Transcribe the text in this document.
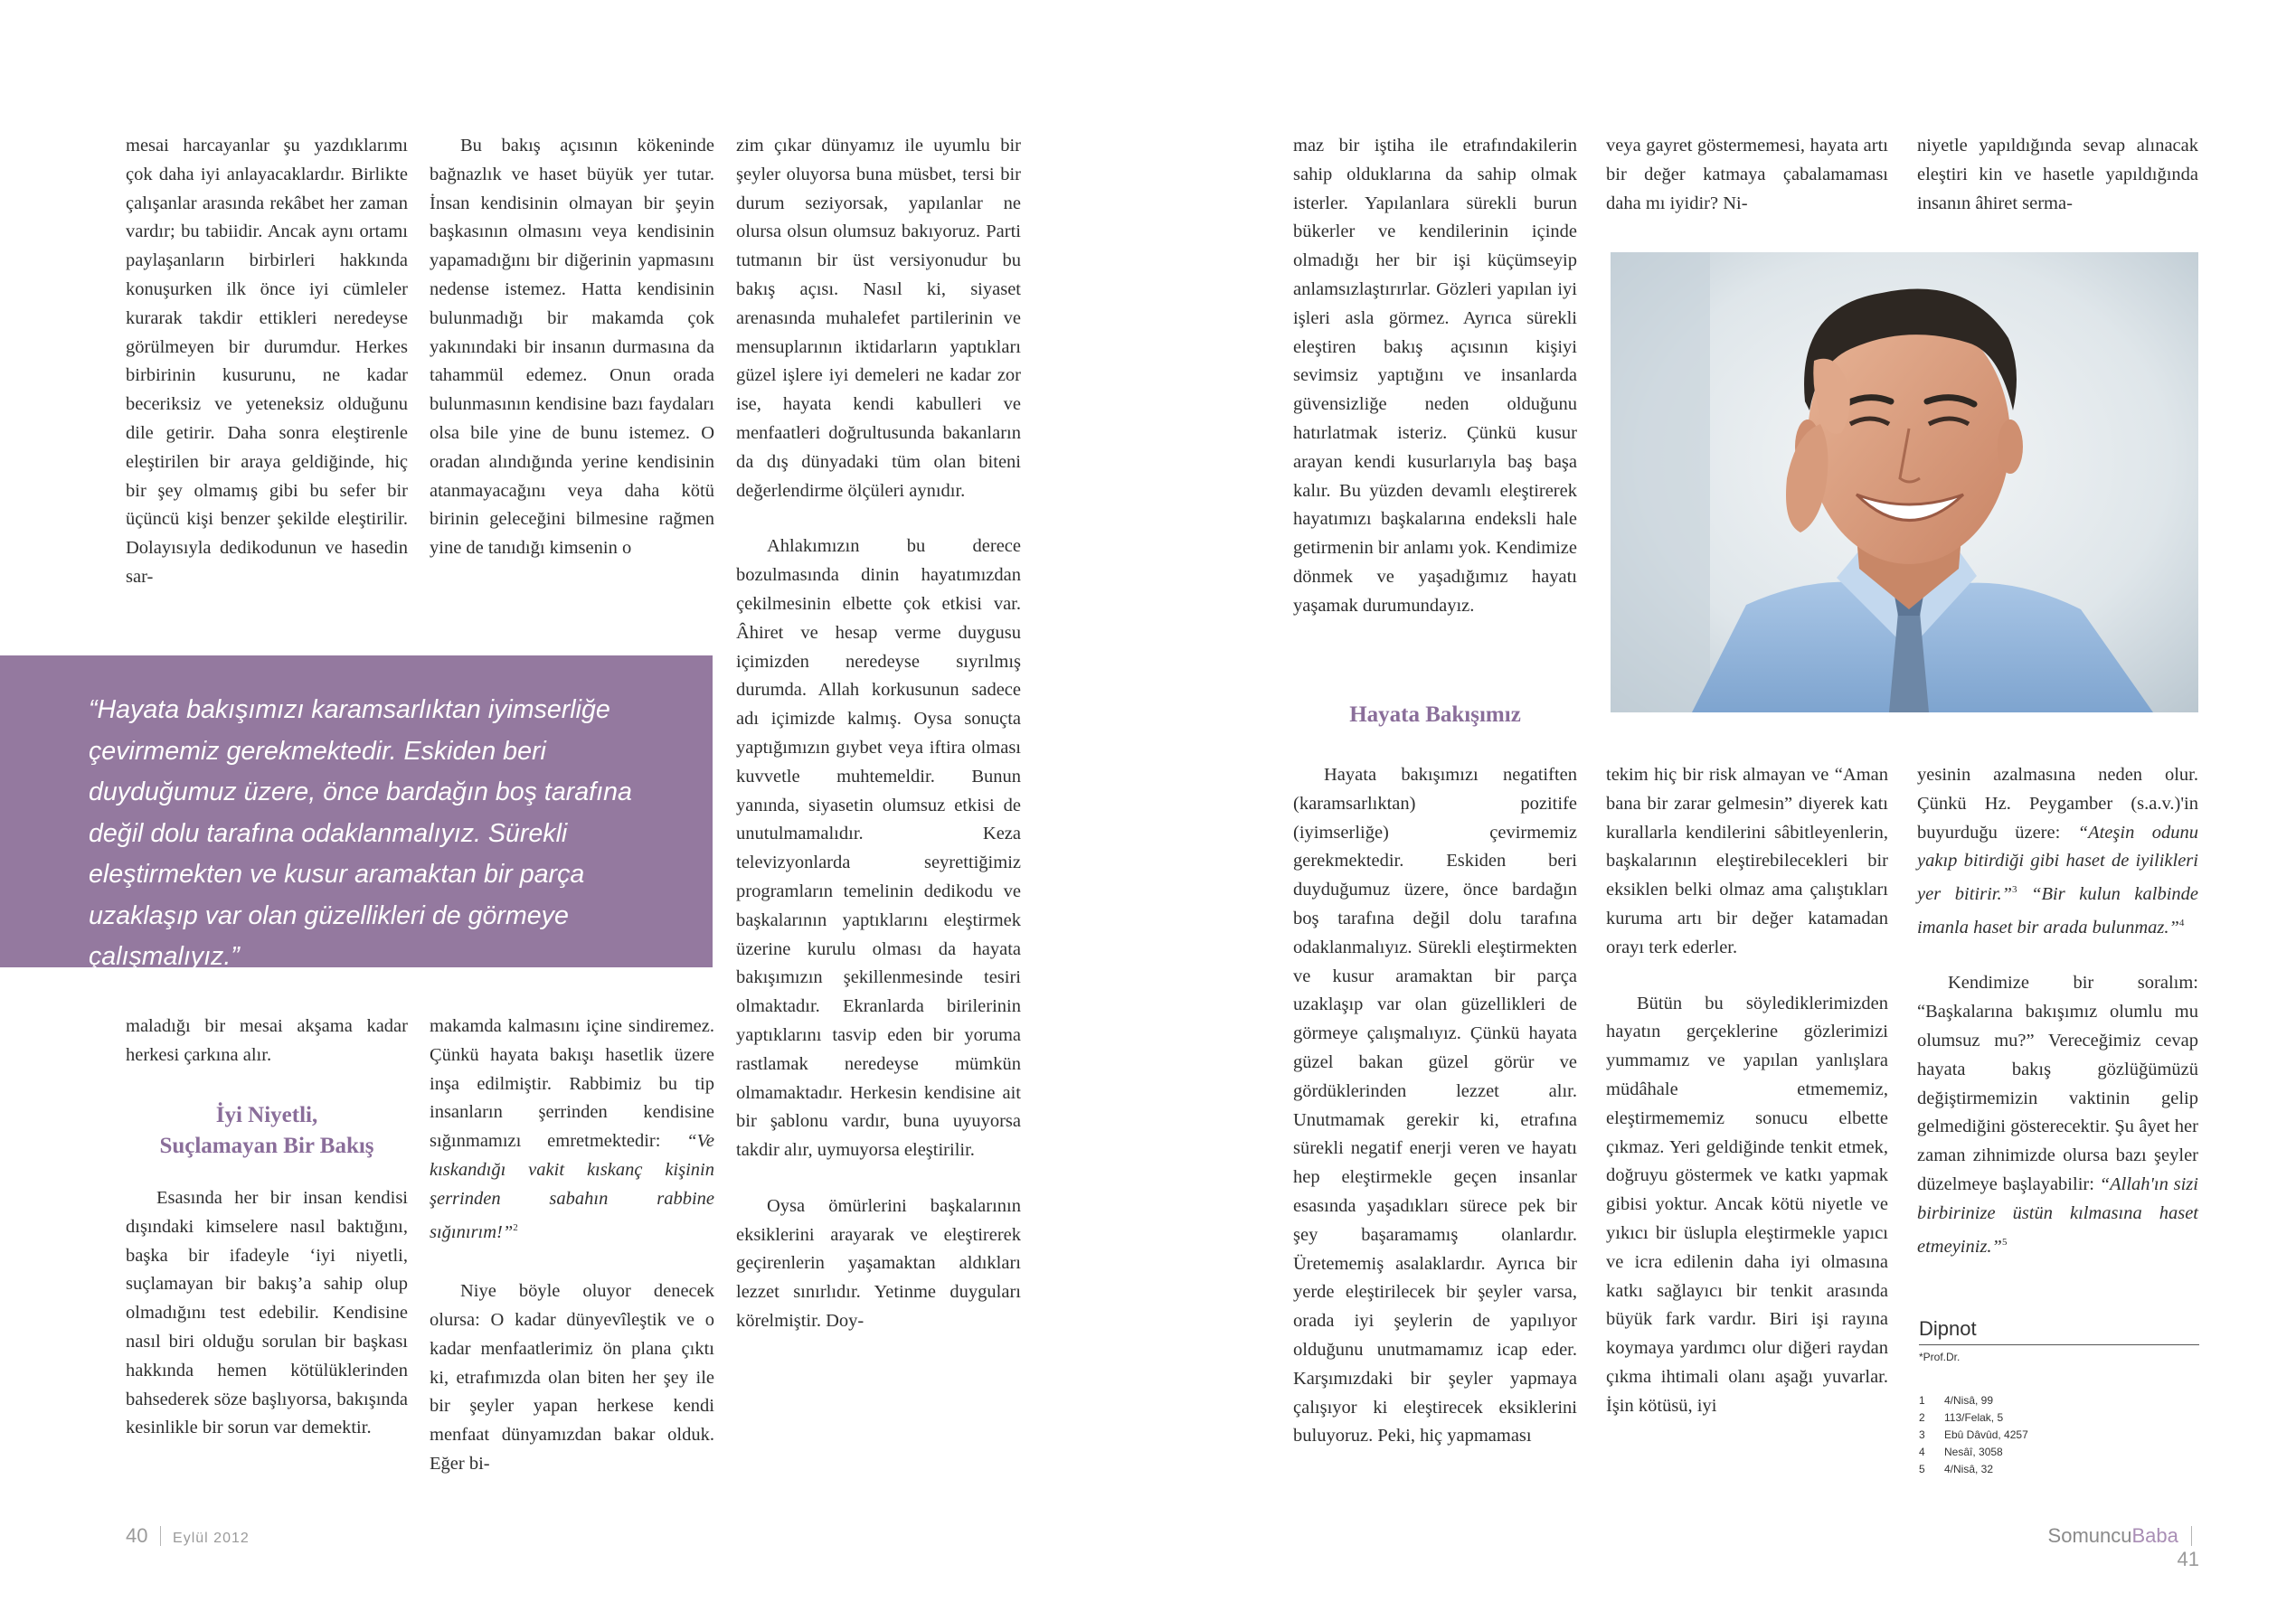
mesai harcayanlar şu yazdıklarımı çok daha iyi anlayacaklardır. Birlikte çalışanlar arasında rekâbet her zaman vardır; bu tabiidir. Ancak aynı ortamı paylaşanların birbirleri hakkında konuşurken ilk önce iyi cümleler kurarak takdir ettikleri neredeyse görülmeyen bir durumdur. Herkes birbirinin kusurunu, ne kadar beceriksiz ve yeteneksiz olduğunu dile getirir. Daha sonra eleştirenle eleştirilen bir araya geldiğinde, hiç bir şey olmamış gibi bu sefer bir üçüncü kişi benzer şekilde eleştirilir. Dolayısıyla dedikodunun ve hasedin sar-

Bu bakış açısının kökeninde bağnazlık ve haset büyük yer tutar. İnsan kendisinin olmayan bir şeyin başkasının olmasını veya kendisinin yapamadığını bir diğerinin yapmasını nedense istemez. Hatta kendisinin bulunmadığı bir makamda çok yakınındaki bir insanın durmasına da tahammül edemez. Onun orada bulunmasının kendisine bazı faydaları olsa bile yine de bunu istemez. O oradan alındığında yerine kendisinin atanmayacağını veya daha kötü birinin geleceğini bilmesine rağmen yine de tanıdığı kimsenin o

“Hayata bakışımızı karamsarlıktan iyimserliğe çevirmemiz gerekmektedir. Eskiden beri duyduğumuz üzere, önce bardağın boş tarafına değil dolu tarafına odaklanmalıyız. Sürekli eleştirmekten ve kusur aramaktan bir parça uzaklaşıp var olan güzellikleri de görmeye çalışmalıyız.”

maladığı bir mesai akşama kadar herkesi çarkına alır.

İyi Niyetli,
Suçlamayan Bir Bakış

Esasında her bir insan kendisi dışındaki kimselere nasıl baktığını, başka bir ifadeyle ‘iyi niyetli, suçlamayan bir bakış’a sahip olup olmadığını test edebilir. Kendisine nasıl biri olduğu sorulan bir başkası hakkında hemen kötülüklerinden bahsederek söze başlıyorsa, bakışında kesinlikle bir sorun var demektir.

makamda kalmasını içine sindiremez. Çünkü hayata bakışı hasetlik üzere inşa edilmiştir. Rabbimiz bu tip insanların şerrinden kendisine sığınmamızı emretmektedir: “Ve kıskandığı vakit kıskanç kişinin şerrinden sabahın rabbine sığınırım!”$^2$

Niye böyle oluyor denecek olursa: O kadar dünyevîleştik ve o kadar menfaatlerimiz ön plana çıktı ki, etrafımızda olan biten her şey ile bir şeyler yapan herkese kendi menfaat dünyamızdan bakar olduk. Eğer bi-

zim çıkar dünyamız ile uyumlu bir şeyler oluyorsa buna müsbet, tersi bir durum seziyorsak, yapılanlar ne olursa olsun olumsuz bakıyoruz. Parti tutmanın bir üst versiyonudur bu bakış açısı. Nasıl ki, siyaset arenasında muhalefet partilerinin ve mensuplarının iktidarların yaptıkları güzel işlere iyi demeleri ne kadar zor ise, hayata kendi kabulleri ve menfaatleri doğrultusunda bakanların da dış dünyadaki tüm olan biteni değerlendirme ölçüleri aynıdır.

Ahlakımızın bu derece bozulmasında dinin hayatımızdan çekilmesinin elbette çok etkisi var. Âhiret ve hesap verme duygusu içimizden neredeyse sıyrılmış durumda. Allah korkusunun sadece adı içimizde kalmış. Oysa sonuçta yaptığımızın gıybet veya iftira olması kuvvetle muhtemeldir. Bunun yanında, siyasetin olumsuz etkisi de unutulmamalıdır. Keza televizyonlarda seyrettiğimiz programların temelinin dedikodu ve başkalarının yaptıklarını eleştirmek üzerine kurulu olması da hayata bakışımızın şekillenmesinde tesiri olmaktadır. Ekranlarda birilerinin yaptıklarını tasvip eden bir yoruma rastlamak neredeyse mümkün olmamaktadır. Herkesin kendisine ait bir şablonu vardır, buna uyuyorsa takdir alır, uymuyorsa eleştirilir.

Oysa ömürlerini başkalarının eksiklerini arayarak ve eleştirerek geçirenlerin yaşamaktan aldıkları lezzet sınırlıdır. Yetinme duyguları körelmiştir. Doy-

40 Eylül 2012

maz bir iştiha ile etrafındakilerin sahip olduklarına da sahip olmak isterler. Yapılanlara sürekli burun bükerler ve kendilerinin içinde olmadığı her bir işi küçümseyip anlamsızlaştırırlar. Gözleri yapılan iyi işleri asla görmez. Ayrıca sürekli eleştiren bakış açısının kişiyi sevimsiz yaptığını ve insanlarda güvensizliğe neden olduğunu hatırlatmak isteriz. Çünkü kusur arayan kendi kusurlarıyla baş başa kalır. Bu yüzden devamlı eleştirerek hayatımızı başkalarına endeksli hale getirmenin bir anlamı yok. Kendimize dönmek ve yaşadığımız hayatı yaşamak durumundayız.

veya gayret göstermemesi, hayata artı bir değer katmaya çabalamaması daha mı iyidir? Ni-

niyetle yapıldığında sevap alınacak eleştiri kin ve hasetle yapıldığında insanın âhiret serma-

Hayata Bakışımız

Hayata bakışımızı negatiften (karamsarlıktan) pozitife (iyimserliğe) çevirmemiz gerekmektedir. Eskiden beri duyduğumuz üzere, önce bardağın boş tarafına değil dolu tarafına odaklanmalıyız. Sürekli eleştirmekten ve kusur aramaktan bir parça uzaklaşıp var olan güzellikleri de görmeye çalışmalıyız. Çünkü hayata güzel bakan güzel görür ve gördüklerinden lezzet alır. Unutmamak gerekir ki, etrafına sürekli negatif enerji veren ve hayatı hep eleştirmekle geçen insanlar esasında yaşadıkları sürece pek bir şey başaramamış olanlardır. Üretememiş asalaklardır. Ayrıca bir yerde eleştirilecek bir şeyler varsa, orada iyi şeylerin de yapılıyor olduğunu unutmamamız icap eder. Karşımızdaki bir şeyler yapmaya çalışıyor ki eleştirecek eksiklerini buluyoruz. Peki, hiç yapmaması

tekim hiç bir risk almayan ve “Aman bana bir zarar gelmesin” diyerek katı kurallarla kendilerini sâbitleyenlerin, başkalarının eleştirebilecekleri bir eksiklen belki olmaz ama çalıştıkları kuruma artı bir değer katamadan orayı terk ederler.

Bütün bu söylediklerimizden hayatın gerçeklerine gözlerimizi yummamız ve yapılan yanlışlara müdâhale etmememiz, eleştirmememiz sonucu elbette çıkmaz. Yeri geldiğinde tenkit etmek, doğruyu göstermek ve katkı yapmak gibisi yoktur. Ancak kötü niyetle ve yıkıcı bir üslupla eleştirmekle yapıcı ve icra edilenin daha iyi olmasına katkı sağlayıcı bir tenkit arasında büyük fark vardır. Biri işi rayına koymaya yardımcı olur diğeri raydan çıkma ihtimali olanı aşağı yuvarlar. İşin kötüsü, iyi

yesinin azalmasına neden olur. Çünkü Hz. Peygamber (s.a.v.)'in buyurduğu üzere: “Ateşin odunu yakıp bitirdiği gibi haset de iyilikleri yer bitirir.”$^3$ “Bir kulun kalbinde imanla haset bir arada bulunmaz.”$^4$

Kendimize bir soralım: “Başkalarına bakışımız olumlu mu olumsuz mu?” Vereceğimiz cevap hayata bakış gözlüğümüzü değiştirmemizin vaktinin gelip gelmediğini gösterecektir. Şu âyet her zaman zihnimizde olursa bazı şeyler düzelmeye başlayabilir: “Allah'ın sizi birbirinize üstün kılmasına haset etmeyiniz.”$^5$

Dipnot
*Prof.Dr.
1	4/Nisâ, 99
2	113/Felak, 5
3	Ebû Dâvûd, 4257
4	Nesâî, 3058
5	4/Nisâ, 32
SomuncuBaba  41
